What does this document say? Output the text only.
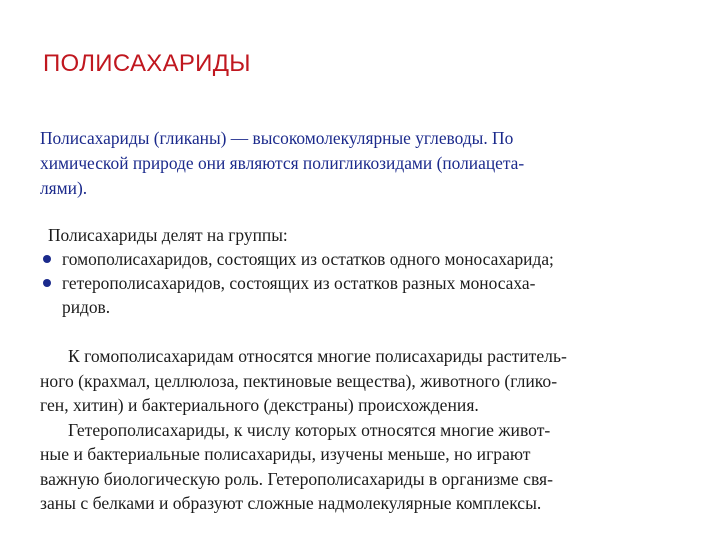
ПОЛИСАХАРИДЫ
Полисахариды (гликаны) — высокомолекулярные углеводы. По
химической природе они являются полигликозидами (полиацета-
лями).
Полисахариды делят на группы:
гомополисахаридов, состоящих из остатков одного моносахарида;
гетерополисахаридов, состоящих из остатков разных моносаха-
ридов.
К гомополисахаридам относятся многие полисахариды раститель-
ного (крахмал, целлюлоза, пектиновые вещества), животного (глико-
ген, хитин) и бактериального (декстраны) происхождения.
Гетерополисахариды, к числу которых относятся многие живот-
ные и бактериальные полисахариды, изучены меньше, но играют
важную биологическую роль. Гетерополисахариды в организме свя-
заны с белками и образуют сложные надмолекулярные комплексы.
